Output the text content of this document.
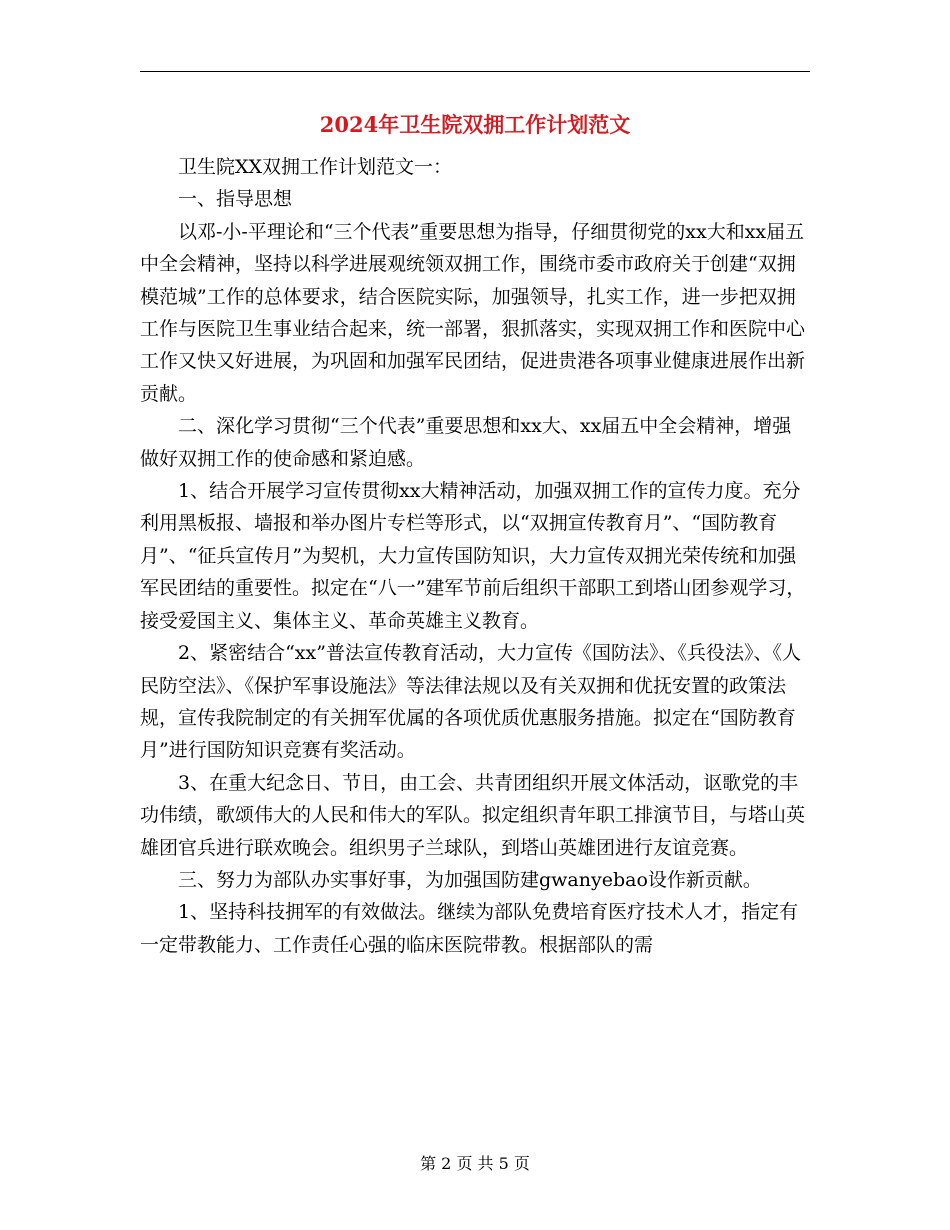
2024年卫生院双拥工作计划范文

卫生院XX双拥工作计划范文一：

一、指导思想

以邓-小-平理论和“三个代表”重要思想为指导，仔细贯彻党的xx大和xx届五中全会精神，坚持以科学进展观统领双拥工作，围绕市委市政府关于创建“双拥模范城”工作的总体要求，结合医院实际，加强领导，扎实工作，进一步把双拥工作与医院卫生事业结合起来，统一部署，狠抓落实，实现双拥工作和医院中心工作又快又好进展，为巩固和加强军民团结，促进贵港各项事业健康进展作出新贡献。

二、深化学习贯彻“三个代表”重要思想和xx大、xx届五中全会精神，增强做好双拥工作的使命感和紧迫感。

1、结合开展学习宣传贯彻xx大精神活动，加强双拥工作的宣传力度。充分利用黑板报、墙报和举办图片专栏等形式，以“双拥宣传教育月”、“国防教育月”、“征兵宣传月”为契机，大力宣传国防知识，大力宣传双拥光荣传统和加强军民团结的重要性。拟定在“八一”建军节前后组织干部职工到塔山团参观学习，接受爱国主义、集体主义、革命英雄主义教育。

2、紧密结合“xx”普法宣传教育活动，大力宣传《国防法》、《兵役法》、《人民防空法》、《保护军事设施法》等法律法规以及有关双拥和优抚安置的政策法规，宣传我院制定的有关拥军优属的各项优质优惠服务措施。拟定在“国防教育月”进行国防知识竞赛有奖活动。

3、在重大纪念日、节日，由工会、共青团组织开展文体活动，讴歌党的丰功伟绩，歌颂伟大的人民和伟大的军队。拟定组织青年职工排演节目，与塔山英雄团官兵进行联欢晚会。组织男子兰球队，到塔山英雄团进行友谊竞赛。

三、努力为部队办实事好事，为加强国防建gwanyebao设作新贡献。

1、坚持科技拥军的有效做法。继续为部队免费培育医疗技术人才，指定有一定带教能力、工作责任心强的临床医院带教。根据部队的需

第 2 页 共 5 页
